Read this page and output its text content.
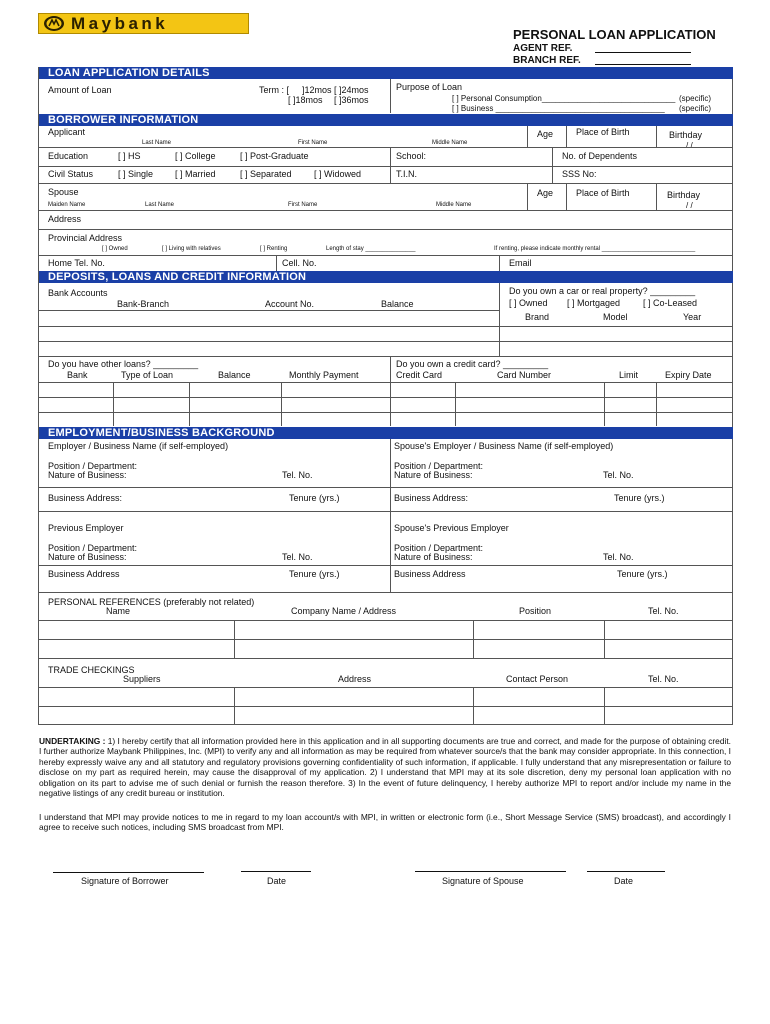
Maybank
PERSONAL LOAN APPLICATION
AGENT REF.
BRANCH REF.
LOAN APPLICATION DETAILS
Amount of Loan	Term : [ ]12mos [ ]24mos
[ ]18mos [ ]36mos
Purpose of Loan
[ ] Personal Consumption______________________________ (specific)
[ ] Business ______________________________________ (specific)
BORROWER INFORMATION
Applicant
Last Name	First Name	Middle Name
Age	Place of Birth	Birthday
/ /
Education	[ ] HS	[ ] College	[ ] Post-Graduate	School:	No. of Dependents
Civil Status	[ ] Single [ ] Married	[ ] Separated [ ] Widowed	T.I.N.	SSS No:
Spouse
Maiden Name	Last Name	First Name	Middle Name
Age	Place of Birth	Birthday
/ /
Address
Provincial Address
[ ] Owned	[ ] Living with relatives	[ ] Renting	Length of stay _______________	If renting, please indicate monthly rental ____________________________
Home Tel. No.	Cell. No.	Email
DEPOSITS, LOANS AND CREDIT INFORMATION
Bank Accounts
Bank-Branch	Account No.	Balance
Do you own a car or real property? _________
[ ] Owned [ ] Mortgaged	[ ] Co-Leased
Brand	Model	Year
Do you have other loans? _________
Bank	Type of Loan	Balance	Monthly Payment
Do you own a credit card? _________
Credit Card	Card Number	Limit	Expiry Date
EMPLOYMENT/BUSINESS BACKGROUND
Employer / Business Name (if self-employed)	Spouse's Employer / Business Name (if self-employed)
Position / Department:
Nature of Business:	Tel. No.
Position / Department:
Nature of Business:	Tel. No.
Business Address:	Tenure (yrs.)	Business Address:	Tenure (yrs.)
Previous Employer	Spouse's Previous Employer
Position / Department:
Nature of Business:	Tel. No.
Position / Department:
Nature of Business:	Tel. No.
Business Address	Tenure (yrs.)	Business Address	Tenure (yrs.)
PERSONAL REFERENCES (preferably not related)
Name	Company Name / Address	Position	Tel. No.
TRADE CHECKINGS
Suppliers	Address	Contact Person	Tel. No.
UNDERTAKING : 1) I hereby certify that all information provided here in this application and in all supporting documents are true and correct, and made for the purpose of obtaining credit. I further authorize Maybank Philippines, Inc. (MPI) to verify any and all information as may be required from whatever source/s that the bank may consider appropriate. In this connection, I hereby expressly waive any and all statutory and regulatory provisions governing confidentiality of such information, if applicable. I fully understand that any misrepresentation or failure to disclose on my part as required herein, may cause the disapproval of my application. 2) I understand that MPI may at its sole discretion, deny my personal loan application with no obligation on its part to advise me of such denial or furnish the reason therefore. 3) In the event of future delinquency, I hereby authorize MPI to report and/or include my name in the negative listings of any credit bureau or institution.
I understand that MPI may provide notices to me in regard to my loan account/s with MPI, in written or electronic form (i.e., Short Message Service (SMS) broadcast), and accordingly I agree to receive such notices, including SMS broadcast from MPI.
Signature of Borrower	Date	Signature of Spouse	Date
